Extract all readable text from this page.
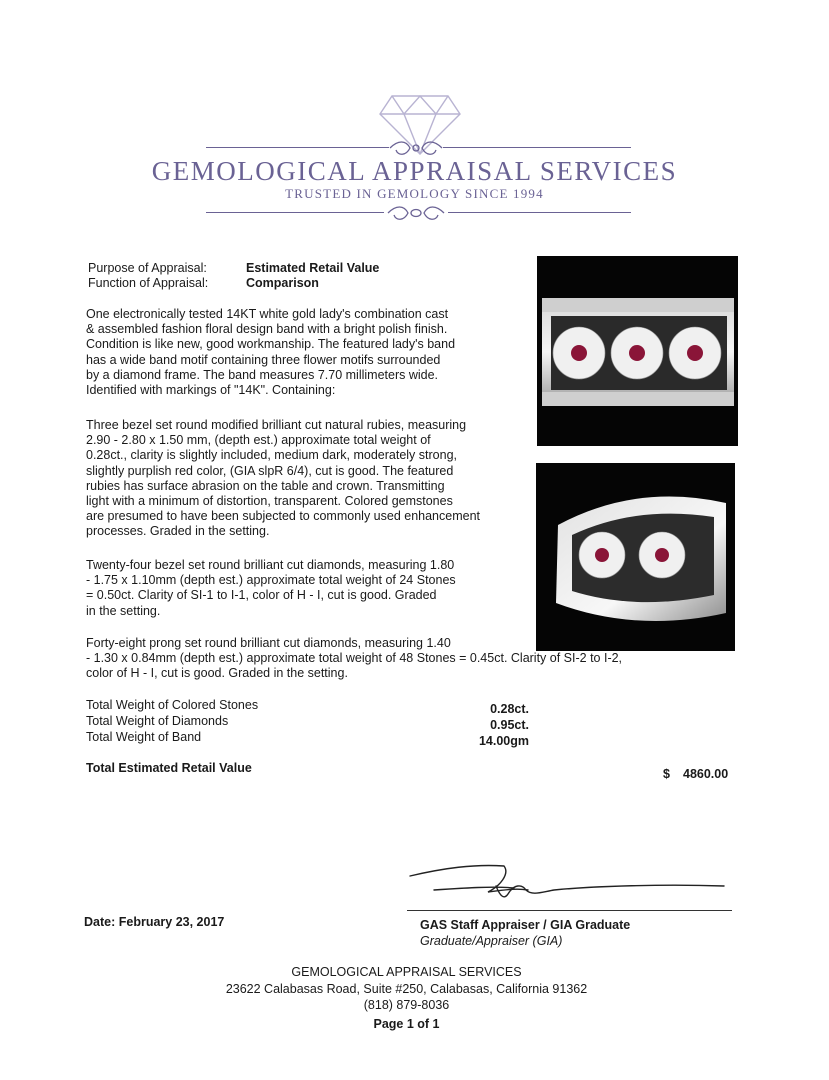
GEMOLOGICAL APPRAISAL SERVICES
TRUSTED IN GEMOLOGY SINCE 1994
Purpose of Appraisal:	Estimated Retail Value
Function of Appraisal:	Comparison
One electronically tested 14KT white gold lady's combination cast
& assembled fashion floral design band with a bright polish finish.
Condition is like new, good workmanship. The featured lady's band
has a wide band motif containing three flower motifs surrounded
by a diamond frame. The band measures 7.70 millimeters wide.
Identified with markings of "14K". Containing:
Three bezel set round modified brilliant cut natural rubies, measuring
2.90 - 2.80 x 1.50 mm, (depth est.) approximate total weight of
0.28ct., clarity is slightly included, medium dark, moderately strong,
slightly purplish red color, (GIA slpR 6/4), cut is good. The featured
rubies has surface abrasion on the table and crown. Transmitting
light with a minimum of distortion, transparent. Colored gemstones
are presumed to have been subjected to commonly used enhancement
processes. Graded in the setting.
Twenty-four bezel set round brilliant cut diamonds, measuring 1.80
- 1.75 x 1.10mm (depth est.) approximate total weight of 24 Stones
= 0.50ct. Clarity of SI-1 to I-1, color of H - I, cut is good. Graded
in the setting.
Forty-eight prong set round brilliant cut diamonds, measuring 1.40
- 1.30 x 0.84mm (depth est.) approximate total weight of 48 Stones = 0.45ct. Clarity of SI-2 to I-2,
color of H - I, cut is good. Graded in the setting.
Total Weight of Colored Stones	0.28ct.
Total Weight of Diamonds	0.95ct.
Total Weight of Band	14.00gm
Total Estimated Retail Value	$ 4860.00
Date: February 23, 2017	GAS Staff Appraiser / GIA Graduate
Graduate/Appraiser (GIA)
GEMOLOGICAL APPRAISAL SERVICES
23622 Calabasas Road, Suite #250, Calabasas, California 91362
(818) 879-8036
Page 1 of 1
